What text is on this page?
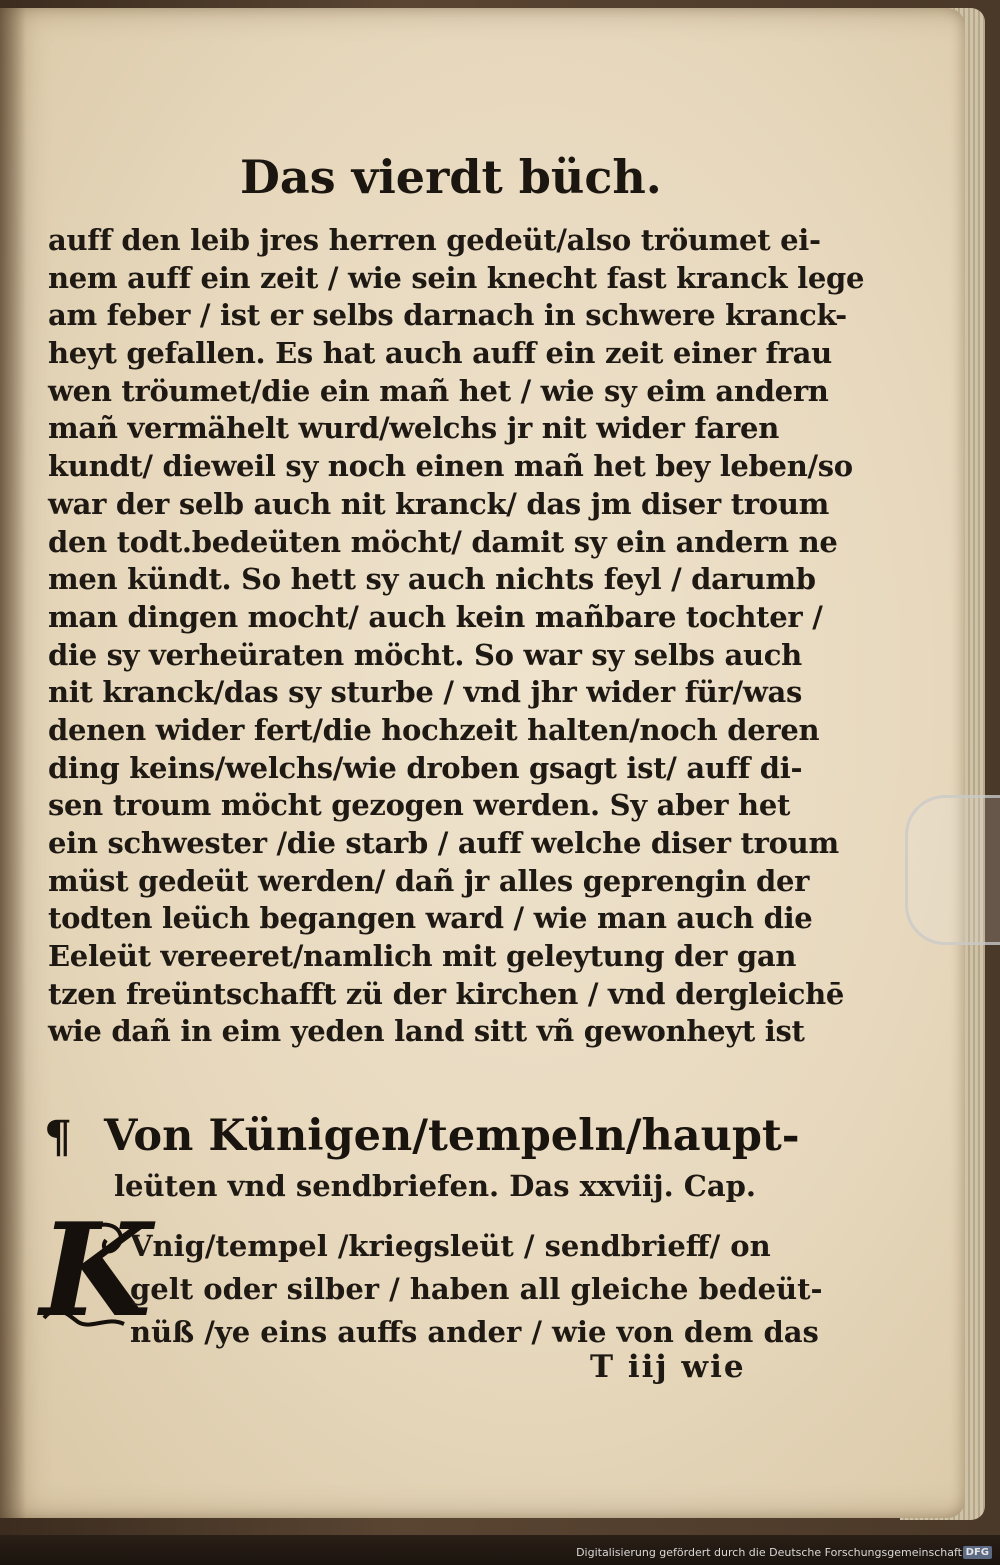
Das vierdt büch.
auff den leib jres herren gedeüt/also tröumet ei-
nem auff ein zeit / wie sein knecht fast kranck lege
am feber / ist er selbs darnach in schwere kranck-
heyt gefallen. Es hat auch auff ein zeit einer frau
wen tröumet/die ein mañ het / wie sy eim andern
mañ vermähelt wurd/welchs jr nit wider faren
kundt/ dieweil sy noch einen mañ het bey leben/so
war der selb auch nit kranck/ das jm diser troum
den todt.bedeüten möcht/ damit sy ein andern ne
men kündt. So hett sy auch nichts feyl / darumb
man dingen mocht/ auch kein mañbare tochter /
die sy verheüraten möcht. So war sy selbs auch
nit kranck/das sy sturbe / vnd jhr wider für/was
denen wider fert/die hochzeit halten/noch deren
ding keins/welchs/wie droben gsagt ist/ auff di-
sen troum möcht gezogen werden. Sy aber het
ein schwester /die starb / auff welche diser troum
müst gedeüt werden/ dañ jr alles geprengin der
todten leüch begangen ward / wie man auch die
Eeleüt vereeret/namlich mit geleytung der gan
tzen freüntschafft zü der kirchen / vnd dergleichē
wie dañ in eim yeden land sitt vñ gewonheyt ist
¶ Von Künigen/tempeln/haupt-
leüten vnd sendbriefen. Das xxviij. Cap.
K
Vnig/tempel /kriegsleüt / sendbrieff/ on
gelt oder silber / haben all gleiche bedeüt-
nüß /ye eins auffs ander / wie von dem das
T iij wie
Digitalisierung gefördert durch die Deutsche Forschungsgemeinschaft DFG
